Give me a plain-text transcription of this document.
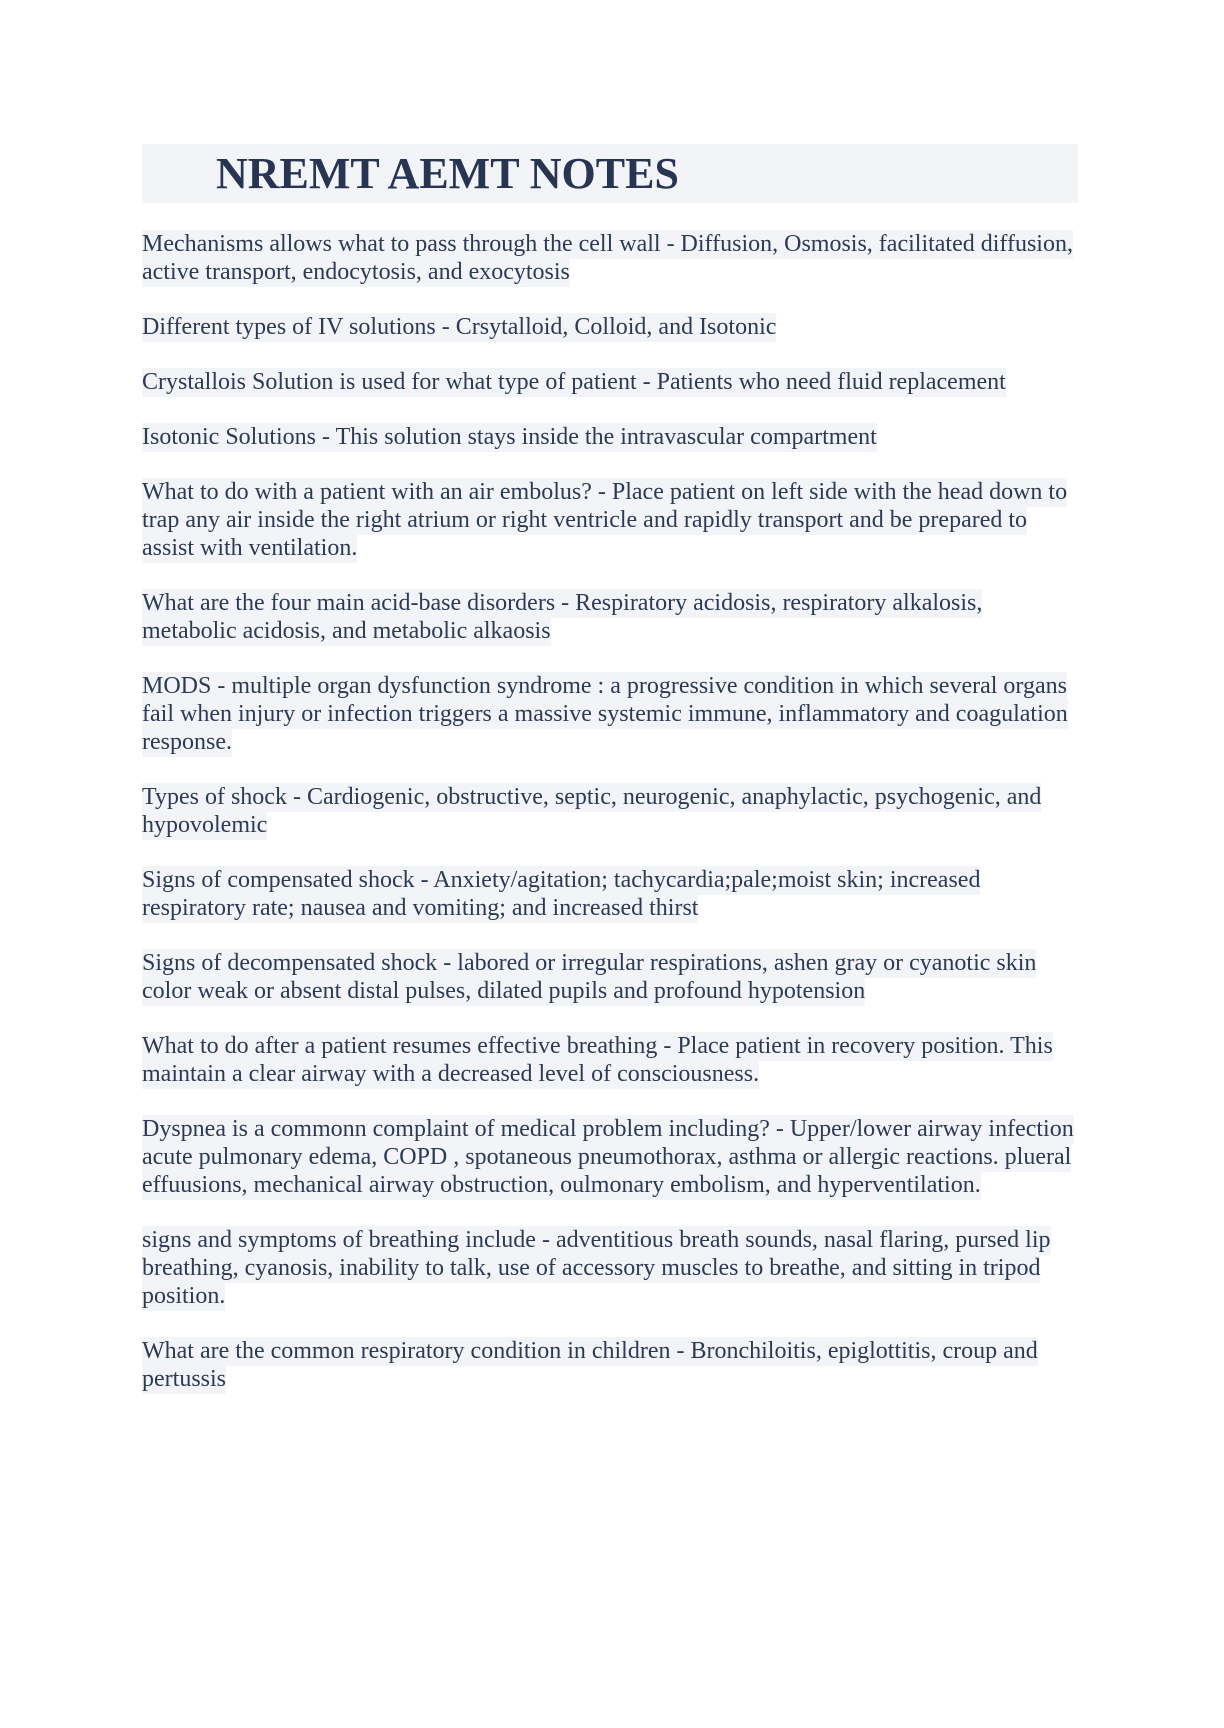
NREMT AEMT NOTES

Mechanisms allows what to pass through the cell wall - Diffusion, Osmosis, facilitated diffusion, active transport, endocytosis, and exocytosis

Different types of IV solutions - Crsytalloid, Colloid, and Isotonic

Crystallois Solution is used for what type of patient - Patients who need fluid replacement

Isotonic Solutions - This solution stays inside the intravascular compartment

What to do with a patient with an air embolus? - Place patient on left side with the head down to trap any air inside the right atrium or right ventricle and rapidly transport and be prepared to assist with ventilation.

What are the four main acid-base disorders - Respiratory acidosis, respiratory alkalosis, metabolic acidosis, and metabolic alkaosis

MODS - multiple organ dysfunction syndrome : a progressive condition in which several organs fail when injury or infection triggers a massive systemic immune, inflammatory and coagulation response.

Types of shock - Cardiogenic, obstructive, septic, neurogenic, anaphylactic, psychogenic, and hypovolemic

Signs of compensated shock - Anxiety/agitation; tachycardia;pale;moist skin; increased respiratory rate; nausea and vomiting; and increased thirst

Signs of decompensated shock - labored or irregular respirations, ashen gray or cyanotic skin color weak or absent distal pulses, dilated pupils and profound hypotension

What to do after a patient resumes effective breathing - Place patient in recovery position. This maintain a clear airway with a decreased level of consciousness.

Dyspnea is a commonn complaint of medical problem including? - Upper/lower airway infection acute pulmonary edema, COPD , spotaneous pneumothorax, asthma or allergic reactions. plueral effuusions, mechanical airway obstruction, oulmonary embolism, and hyperventilation.

signs and symptoms of breathing include - adventitious breath sounds, nasal flaring, pursed lip breathing, cyanosis, inability to talk, use of accessory muscles to breathe, and sitting in tripod position.

What are the common respiratory condition in children - Bronchiloitis, epiglottitis, croup and pertussis
